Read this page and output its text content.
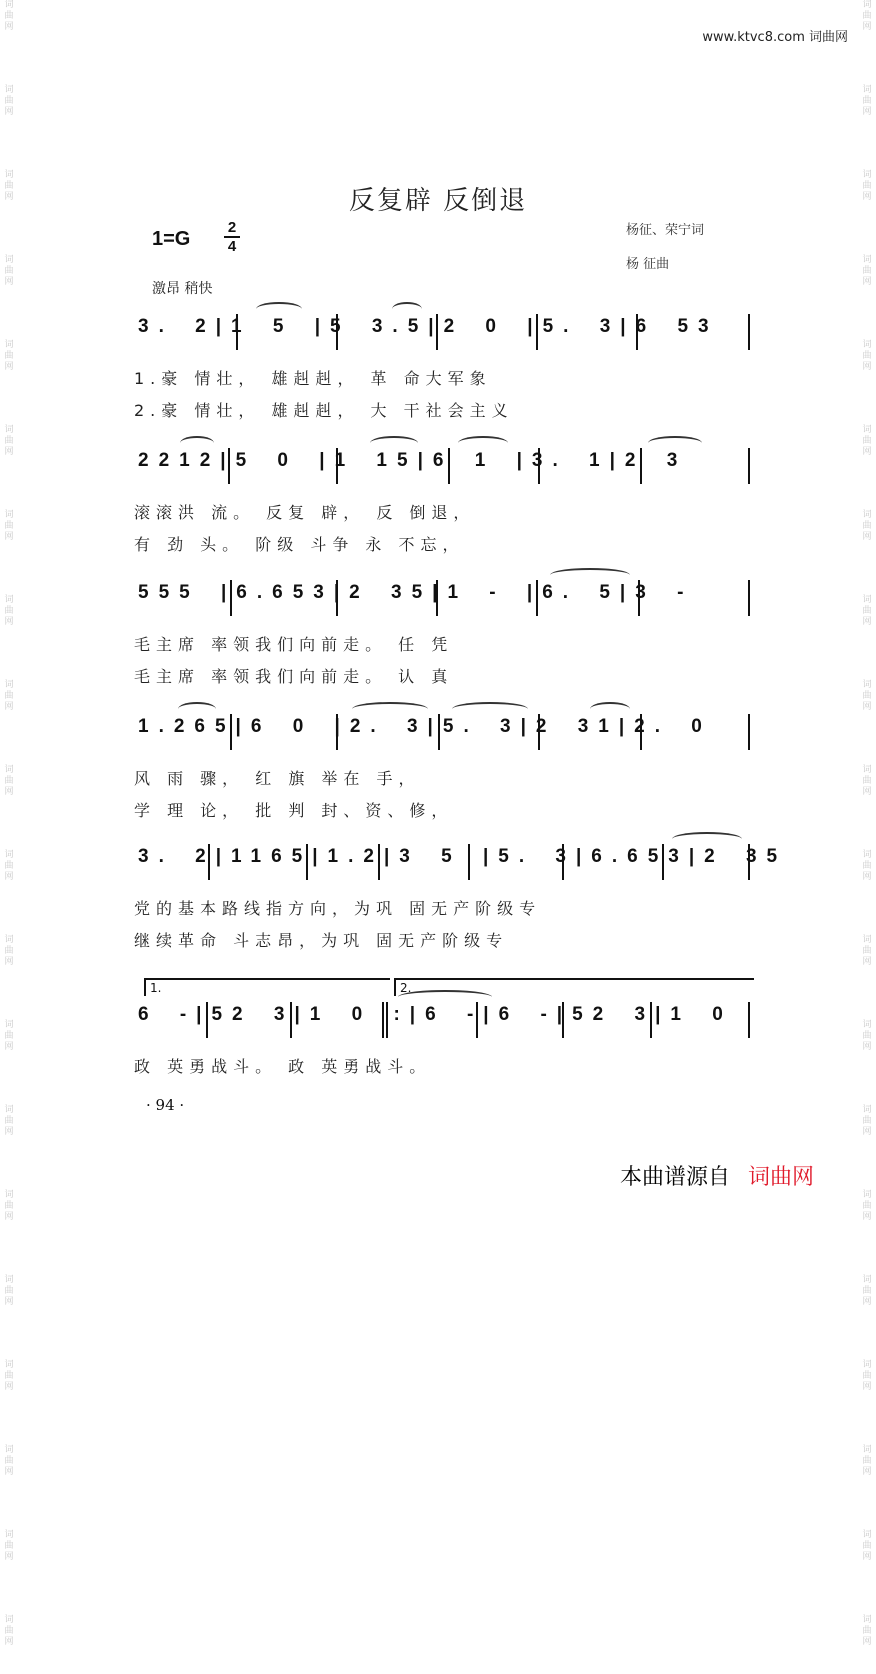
词
曲
网
词
曲
网
词
曲
网
词
曲
网
词
曲
网
词
曲
网
词
曲
网
词
曲
网
词
曲
网
词
曲
网
词
曲
网
词
曲
网
词
曲
网
词
曲
网
词
曲
网
词
曲
网
词
曲
网
词
曲
网
词
曲
网
词
曲
网
词
曲
网
词
曲
网
词
曲
网
词
曲
网
词
曲
网
词
曲
网
词
曲
网
词
曲
网
词
曲
网
词
曲
网
词
曲
网
词
曲
网
词
曲
网
词
曲
网
词
曲
网
词
曲
网
词
曲
网
词
曲
网
词
曲
网
词
曲
网
www.ktvc8.com 词曲网
反复辟 反倒退
1=G
2
4
杨征、荣宁词
杨 征曲
激昂 稍快
3. 2|1 5 |5 3.5|2 0 |5. 3|6 53
1.豪 情壮， 雄赳赳， 革 命大军象
2.豪 情壮， 雄赳赳， 大 干社会主义
2212|5 0 |1 15|6 1 |3. 1|2 3
滚滚洪 流。 反复 辟， 反 倒退，
有 劲 头。 阶级 斗争 永 不忘，
555 |6.653|2 35|1 - |6. 5|3 -
毛主席 率领我们向前走。 任 凭
毛主席 率领我们向前走。 认 真
1.265|6 0 |2. 3|5. 3|2 31|2. 0
风 雨 骤， 红 旗 举在 手，
学 理 论， 批 判 封、资、修，
3. 2|1165|1.2|3 5 |5. 3|6.653|2 35
党的基本路线指方向，为巩 固无产阶级专
继续革命 斗志昂，为巩 固无产阶级专
1.	2.
6 -|52 3|1 0 :|6 -|6 -|52 3|1 0
政 英勇战斗。 政 英勇战斗。
· 94 ·
本曲谱源自 词曲网
